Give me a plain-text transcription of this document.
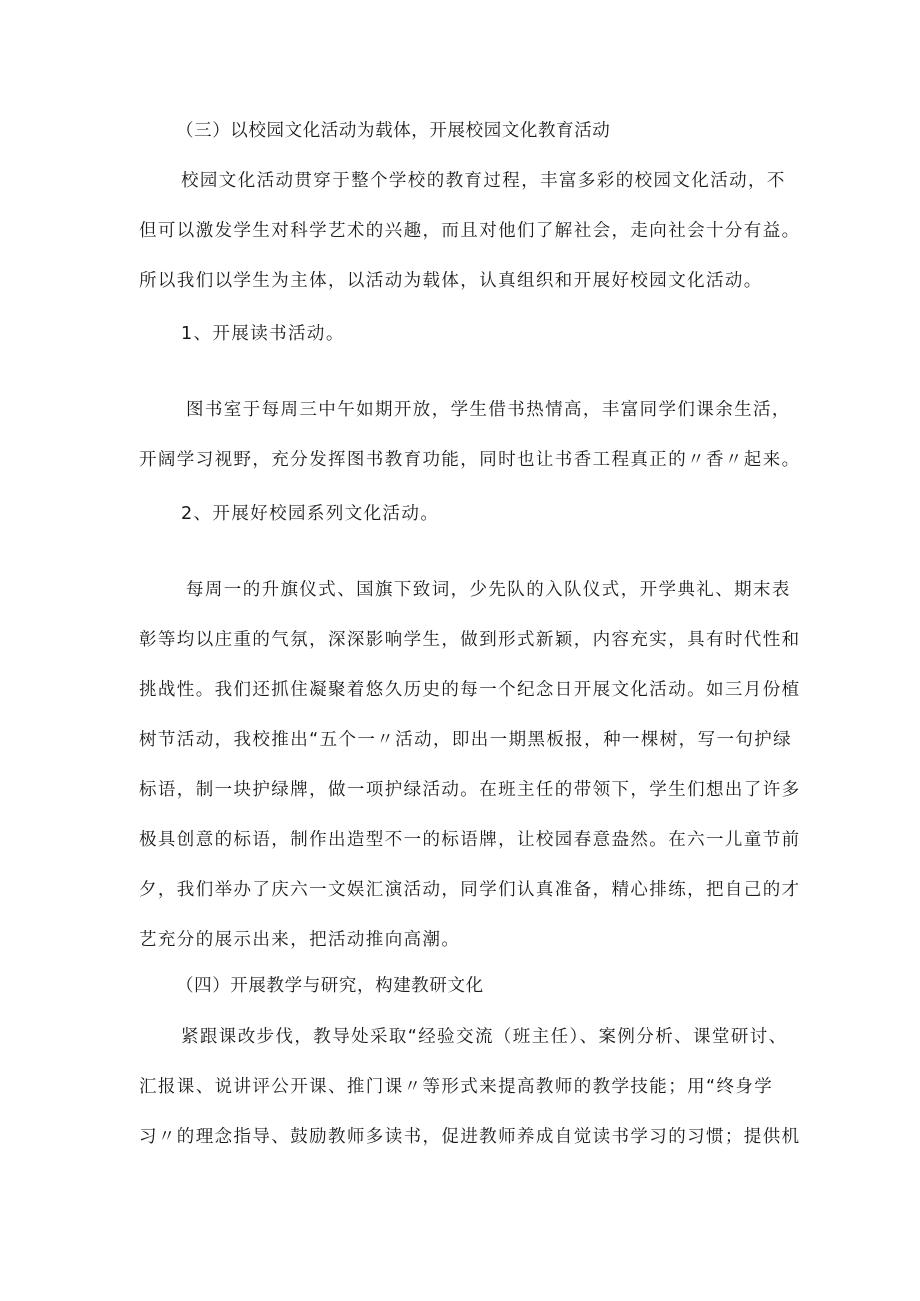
（三）以校园文化活动为载体，开展校园文化教育活动
校园文化活动贯穿于整个学校的教育过程，丰富多彩的校园文化活动，不
但可以激发学生对科学艺术的兴趣，而且对他们了解社会，走向社会十分有益。
所以我们以学生为主体，以活动为载体，认真组织和开展好校园文化活动。
1、开展读书活动。
图书室于每周三中午如期开放，学生借书热情高，丰富同学们课余生活，
开阔学习视野，充分发挥图书教育功能，同时也让书香工程真正的〃香〃起来。
2、开展好校园系列文化活动。
每周一的升旗仪式、国旗下致词，少先队的入队仪式，开学典礼、期末表
彰等均以庄重的气氛，深深影响学生，做到形式新颖，内容充实，具有时代性和
挑战性。我们还抓住凝聚着悠久历史的每一个纪念日开展文化活动。如三月份植
树节活动，我校推出“五个一〃活动，即出一期黑板报，种一棵树，写一句护绿
标语，制一块护绿牌，做一项护绿活动。在班主任的带领下，学生们想出了许多
极具创意的标语，制作出造型不一的标语牌，让校园春意盎然。在六一儿童节前
夕，我们举办了庆六一文娱汇演活动，同学们认真准备，精心排练，把自己的才
艺充分的展示出来，把活动推向高潮。
（四）开展教学与研究，构建教研文化
紧跟课改步伐，教导处采取“经验交流（班主任）、案例分析、课堂研讨、
汇报课、说讲评公开课、推门课〃等形式来提高教师的教学技能；用“终身学
习〃的理念指导、鼓励教师多读书，促进教师养成自觉读书学习的习惯；提供机
